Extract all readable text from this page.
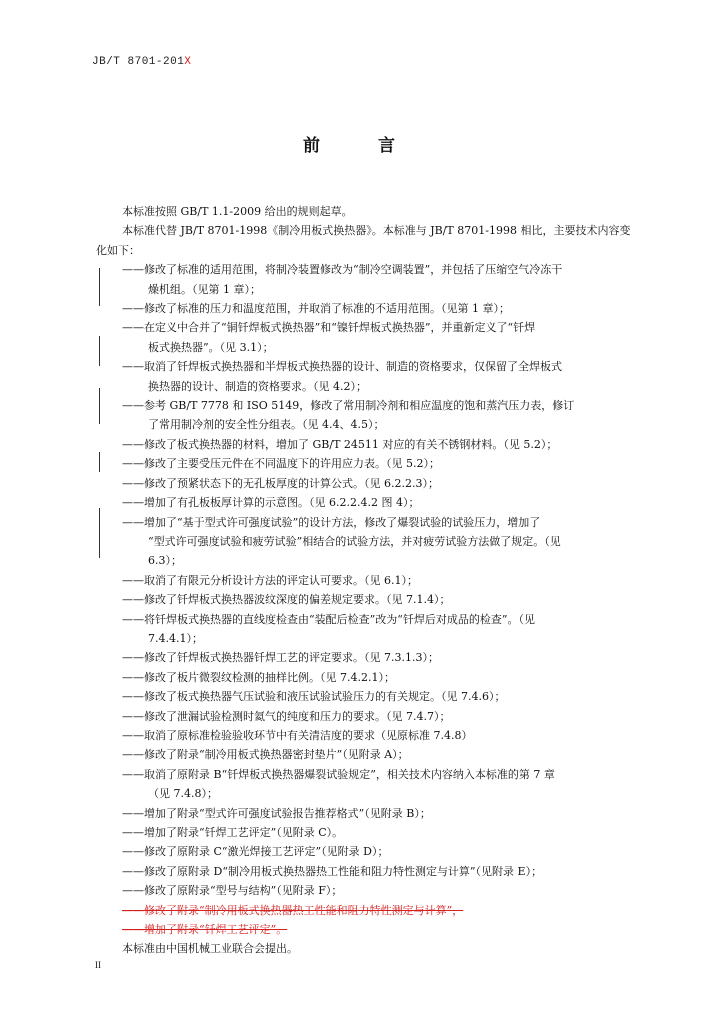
JB/T 8701-201X
前 言

本标准按照 GB/T 1.1-2009 给出的规则起草。

本标准代替 JB/T 8701-1998《制冷用板式换热器》。本标准与 JB/T 8701-1998 相比，主要技术内容变化如下：

——修改了标准的适用范围，将制冷装置修改为“制冷空调装置”，并包括了压缩空气冷冻干
燥机组。（见第 1 章）；
——修改了标准的压力和温度范围，并取消了标准的不适用范围。（见第 1 章）；
——在定义中合并了“铜钎焊板式换热器”和“镍钎焊板式换热器”，并重新定义了“钎焊
板式换热器”。（见 3.1）；
——取消了钎焊板式换热器和半焊板式换热器的设计、制造的资格要求，仅保留了全焊板式
换热器的设计、制造的资格要求。（见 4.2）；
——参考 GB/T 7778 和 ISO 5149，修改了常用制冷剂和相应温度的饱和蒸汽压力表，修订
了常用制冷剂的安全性分组表。（见 4.4、4.5）；
——修改了板式换热器的材料，增加了 GB/T 24511 对应的有关不锈钢材料。（见 5.2）；
——修改了主要受压元件在不同温度下的许用应力表。（见 5.2）；
——修改了预紧状态下的无孔板厚度的计算公式。（见 6.2.2.3）；
——增加了有孔板板厚计算的示意图。（见 6.2.2.4.2 图 4）；
——增加了“基于型式许可强度试验”的设计方法，修改了爆裂试验的试验压力，增加了
“型式许可强度试验和疲劳试验”相结合的试验方法，并对疲劳试验方法做了规定。（见
6.3）；
——取消了有限元分析设计方法的评定认可要求。（见 6.1）；
——修改了钎焊板式换热器波纹深度的偏差规定要求。（见 7.1.4）；
——将钎焊板式换热器的直线度检查由“装配后检查”改为“钎焊后对成品的检查”。（见
7.4.4.1）；
——修改了钎焊板式换热器钎焊工艺的评定要求。（见 7.3.1.3）；
——修改了板片微裂纹检测的抽样比例。（见 7.4.2.1）；
——修改了板式换热器气压试验和液压试验试验压力的有关规定。（见 7.4.6）；
——修改了泄漏试验检测时氦气的纯度和压力的要求。（见 7.4.7）；
——取消了原标准检验验收环节中有关清洁度的要求（见原标准 7.4.8）
——修改了附录“制冷用板式换热器密封垫片”（见附录 A）；
——取消了原附录 B“钎焊板式换热器爆裂试验规定”，相关技术内容纳入本标准的第 7 章
（见 7.4.8）；
——增加了附录“型式许可强度试验报告推荐格式”（见附录 B）；
——增加了附录“钎焊工艺评定”（见附录 C）。
——修改了原附录 C“激光焊接工艺评定”（见附录 D）；
——修改了原附录 D“制冷用板式换热器热工性能和阻力特性测定与计算”（见附录 E）；
——修改了原附录“型号与结构”（见附录 F）；
——修改了附录“制冷用板式换热器热工性能和阻力特性测定与计算”，
——增加了附录“钎焊工艺评定”。

本标准由中国机械工业联合会提出。

II
